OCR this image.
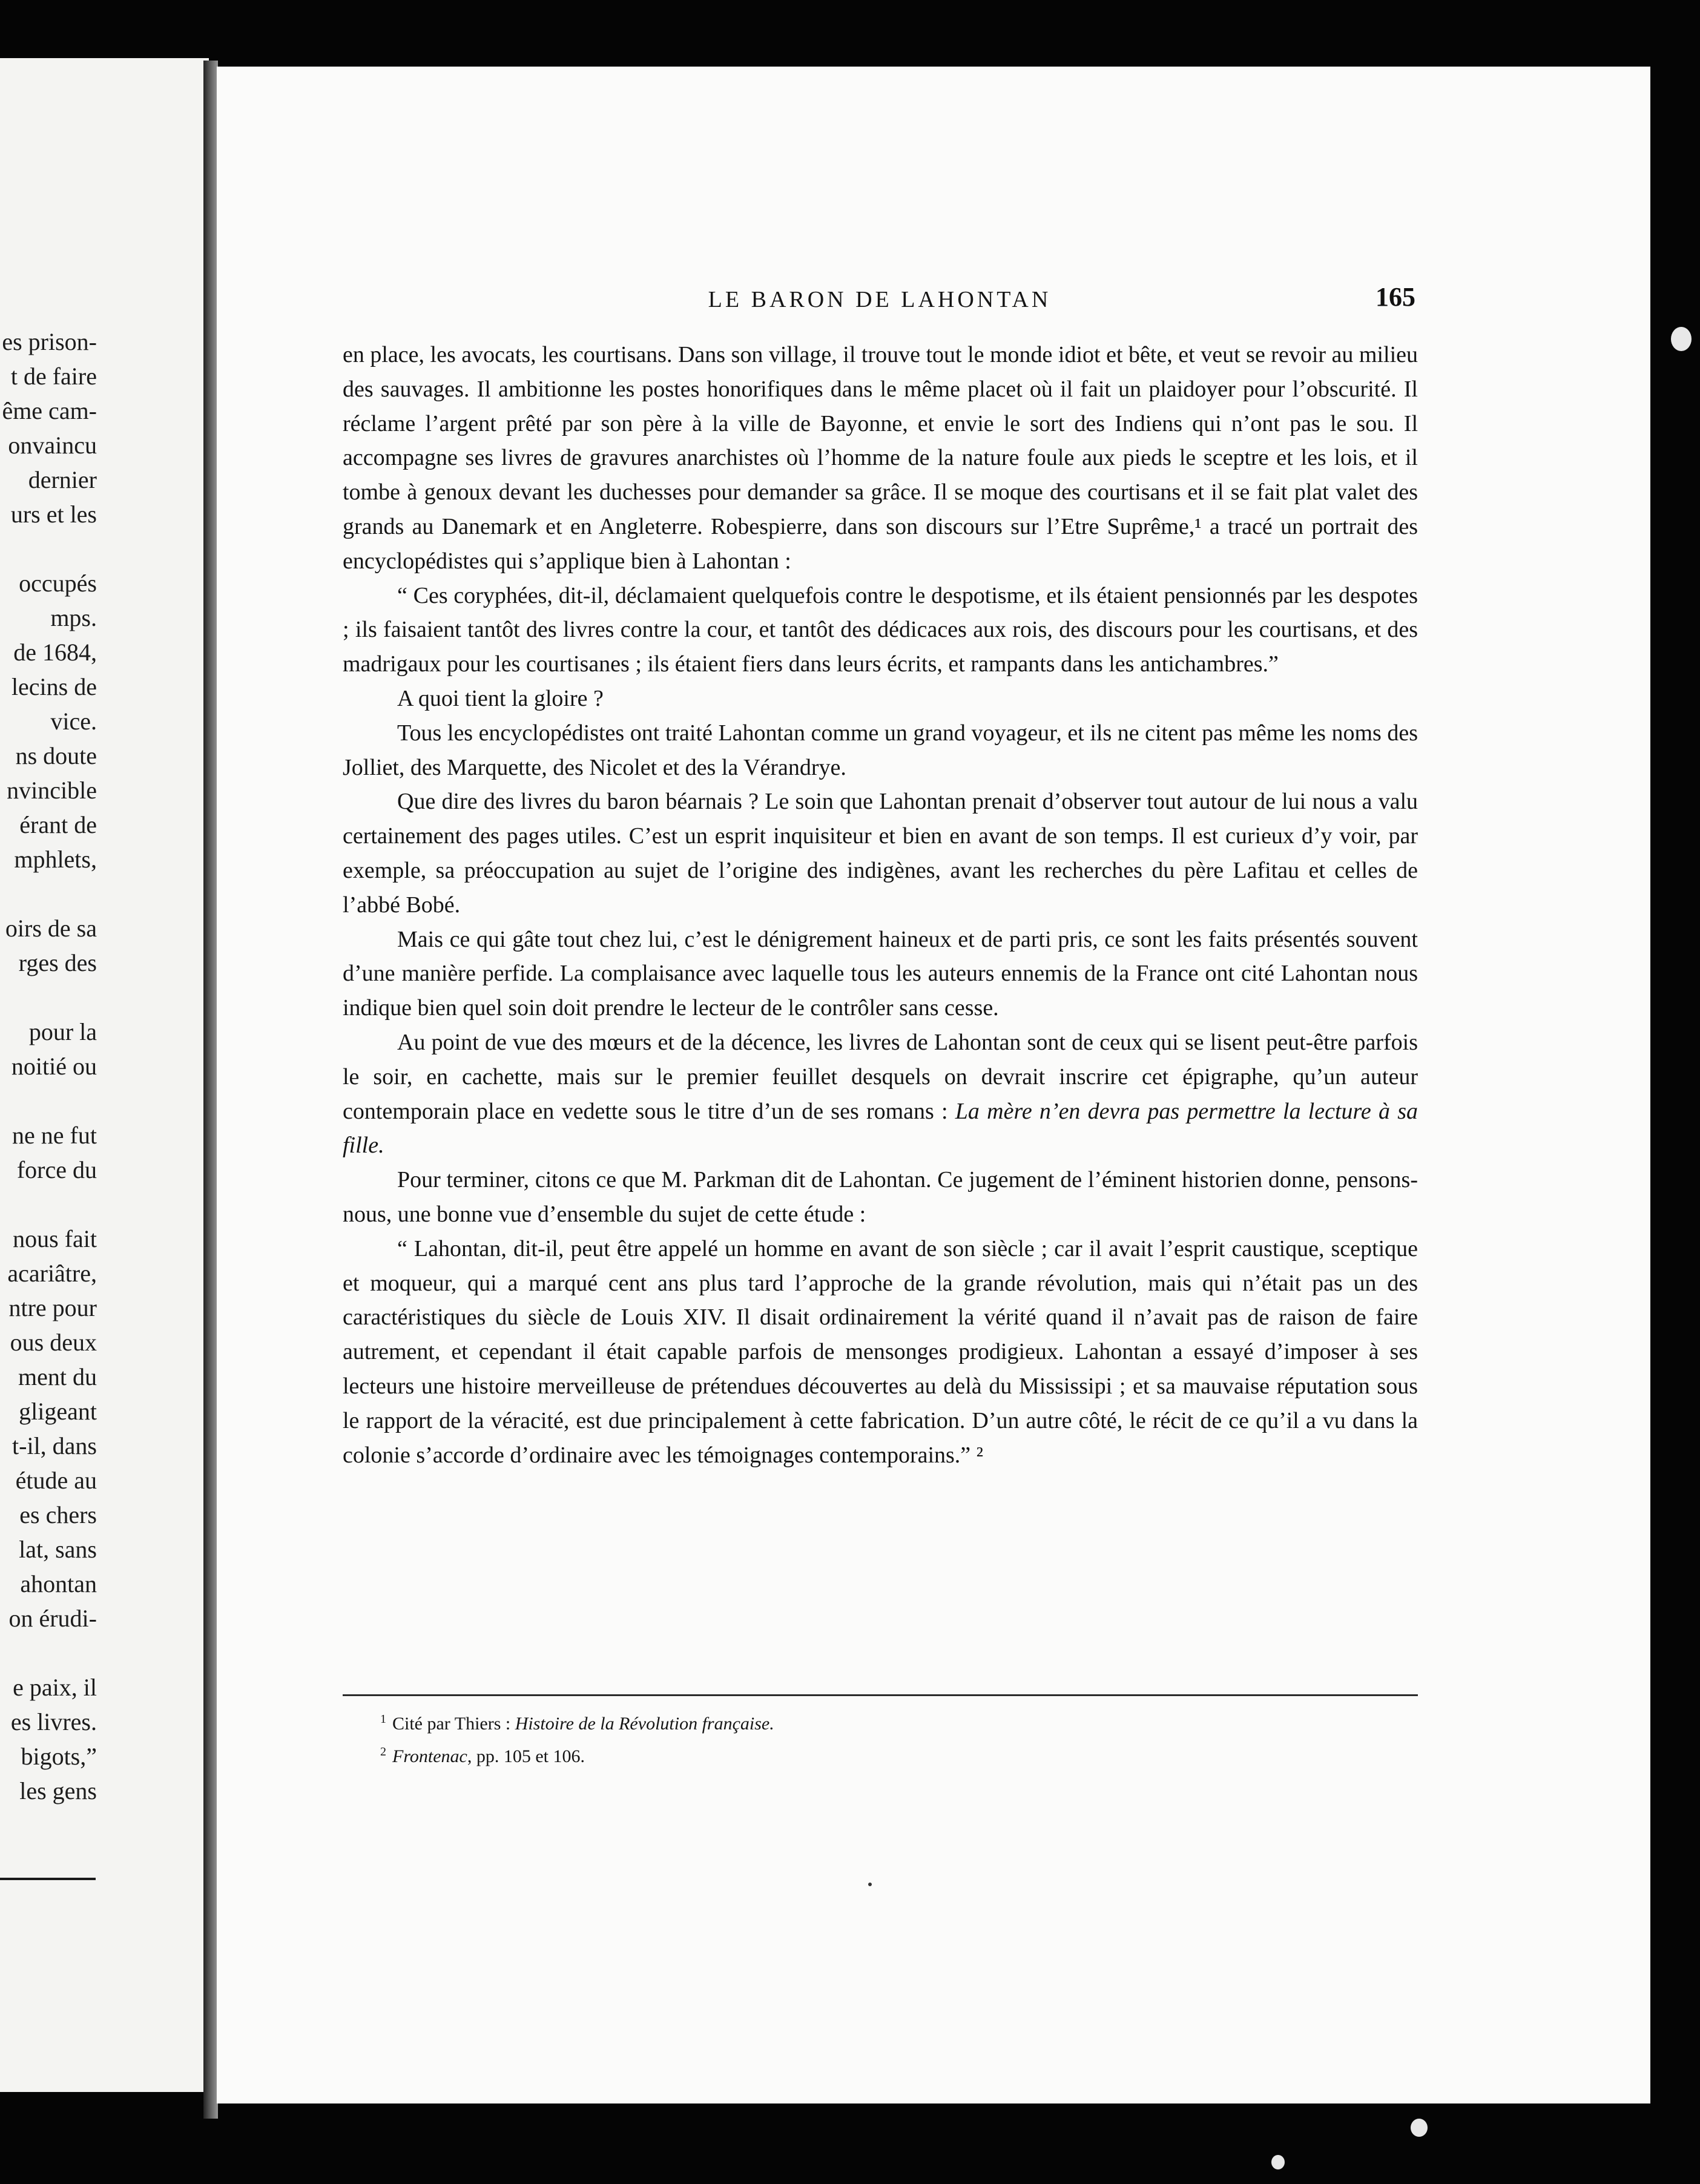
es prison-
t de faire
ême cam-
onvaincu
dernier
urs et les

occupés
mps.
de 1684,
lecins de
vice.
ns doute
nvincible
érant de
mphlets,

oirs de sa
rges des

pour la
noitié ou

ne ne fut
force du

nous fait
acariâtre,
ntre pour
ous deux
ment du
gligeant
t-il, dans
étude au
es chers
lat, sans
ahontan
on érudi-

e paix, il
es livres.
bigots,”
les gens
LE BARON DE LAHONTAN	165

en place, les avocats, les courtisans. Dans son village, il trouve tout le monde idiot et bête, et veut se revoir au milieu des sauvages. Il ambitionne les postes honorifiques dans le même placet où il fait un plaidoyer pour l’obscurité. Il réclame l’argent prêté par son père à la ville de Bayonne, et envie le sort des Indiens qui n’ont pas le sou. Il accompagne ses livres de gravures anarchistes où l’homme de la nature foule aux pieds le sceptre et les lois, et il tombe à genoux devant les duchesses pour demander sa grâce. Il se moque des courtisans et il se fait plat valet des grands au Danemark et en Angleterre. Robespierre, dans son discours sur l’Etre Suprême,¹ a tracé un portrait des encyclopédistes qui s’applique bien à Lahontan :

“ Ces coryphées, dit-il, déclamaient quelquefois contre le despotisme, et ils étaient pensionnés par les despotes ; ils faisaient tantôt des livres contre la cour, et tantôt des dédicaces aux rois, des discours pour les courtisans, et des madrigaux pour les courtisanes ; ils étaient fiers dans leurs écrits, et rampants dans les antichambres.”

A quoi tient la gloire ?

Tous les encyclopédistes ont traité Lahontan comme un grand voyageur, et ils ne citent pas même les noms des Jolliet, des Marquette, des Nicolet et des la Vérandrye.

Que dire des livres du baron béarnais ? Le soin que Lahontan prenait d’observer tout autour de lui nous a valu certainement des pages utiles. C’est un esprit inquisiteur et bien en avant de son temps. Il est curieux d’y voir, par exemple, sa préoccupation au sujet de l’origine des indigènes, avant les recherches du père Lafitau et celles de l’abbé Bobé.

Mais ce qui gâte tout chez lui, c’est le dénigrement haineux et de parti pris, ce sont les faits présentés souvent d’une manière perfide. La complaisance avec laquelle tous les auteurs ennemis de la France ont cité Lahontan nous indique bien quel soin doit prendre le lecteur de le contrôler sans cesse.

Au point de vue des mœurs et de la décence, les livres de Lahontan sont de ceux qui se lisent peut-être parfois le soir, en cachette, mais sur le premier feuillet desquels on devrait inscrire cet épigraphe, qu’un auteur contemporain place en vedette sous le titre d’un de ses romans : La mère n’en devra pas permettre la lecture à sa fille.

Pour terminer, citons ce que M. Parkman dit de Lahontan. Ce jugement de l’éminent historien donne, pensons-nous, une bonne vue d’ensemble du sujet de cette étude :

“ Lahontan, dit-il, peut être appelé un homme en avant de son siècle ; car il avait l’esprit caustique, sceptique et moqueur, qui a marqué cent ans plus tard l’approche de la grande révolution, mais qui n’était pas un des caractéristiques du siècle de Louis XIV. Il disait ordinairement la vérité quand il n’avait pas de raison de faire autrement, et cependant il était capable parfois de mensonges prodigieux. Lahontan a essayé d’imposer à ses lecteurs une histoire merveilleuse de prétendues découvertes au delà du Mississipi ; et sa mauvaise réputation sous le rapport de la véracité, est due principalement à cette fabrication. D’un autre côté, le récit de ce qu’il a vu dans la colonie s’accorde d’ordinaire avec les témoignages contemporains.” ²

$^1$ Cité par Thiers : Histoire de la Révolution française.

$^2$ Frontenac, pp. 105 et 106.
